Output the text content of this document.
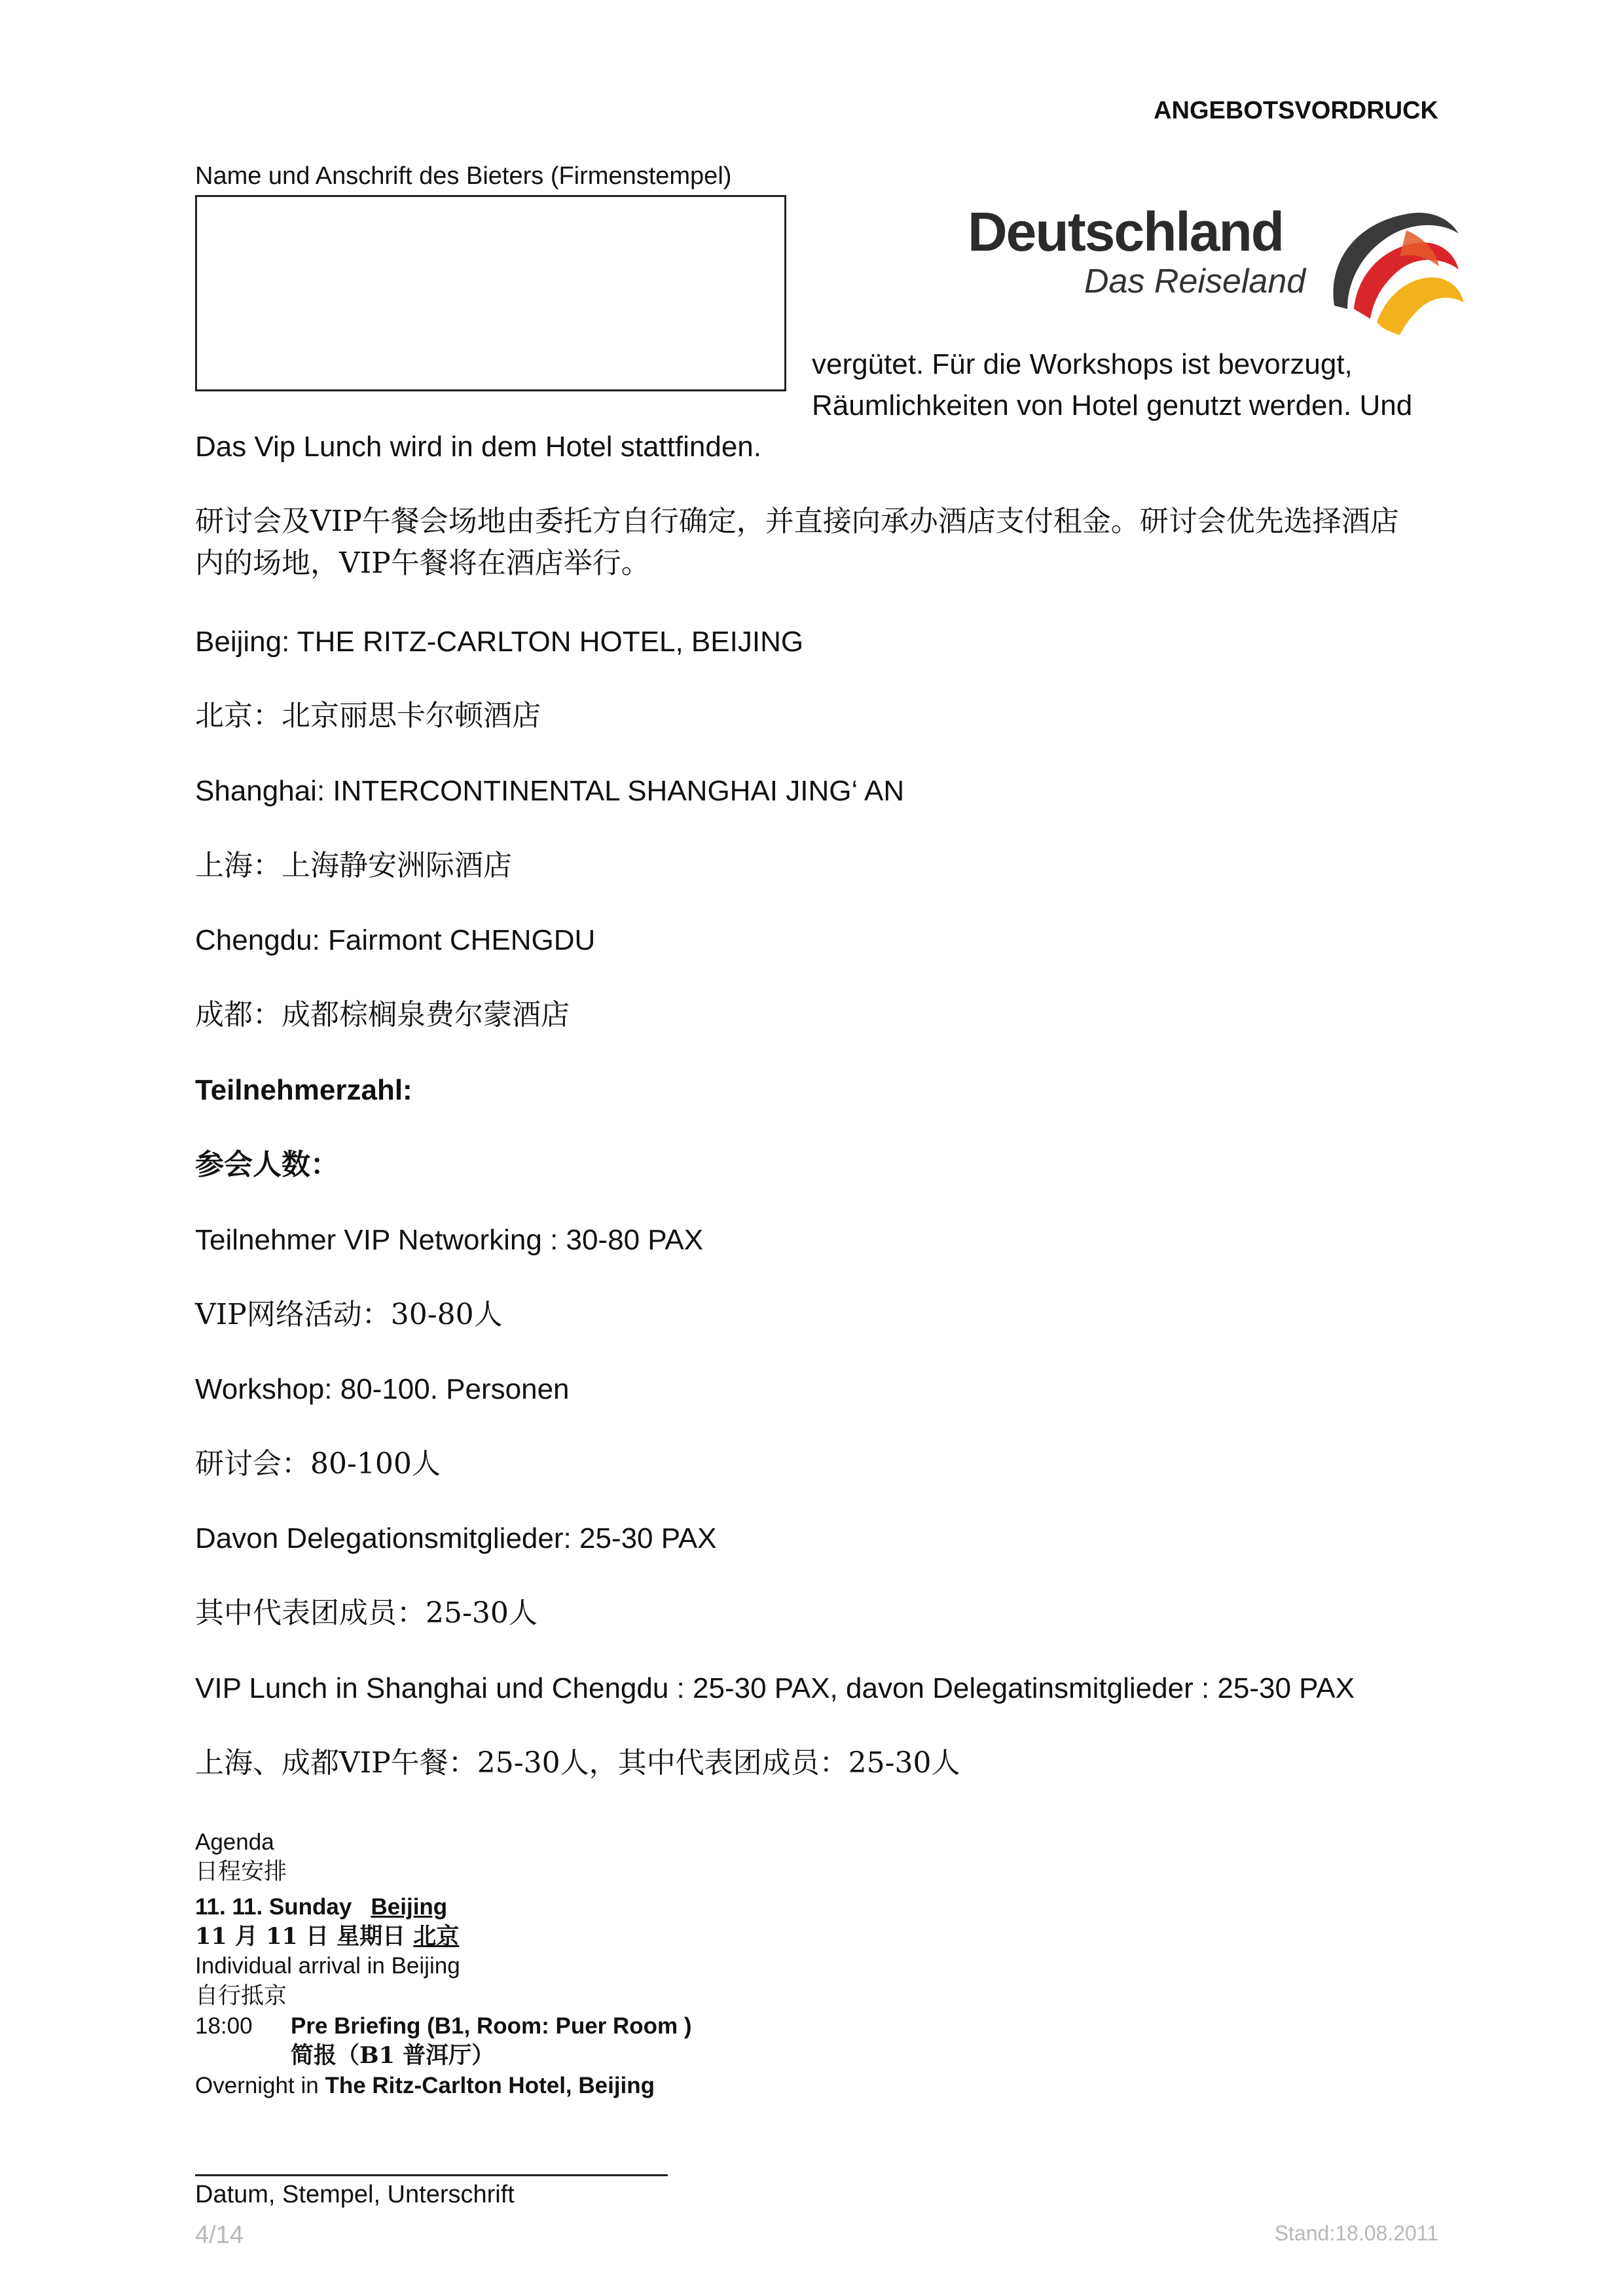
ANGEBOTSVORDRUCK
Name und Anschrift des Bieters (Firmenstempel)
Deutschland
Das Reiseland
vergütet. Für die Workshops ist bevorzugt,
Räumlichkeiten von Hotel genutzt werden. Und
Das Vip Lunch wird in dem Hotel stattfinden.
研讨会及VIP午餐会场地由委托方自行确定，并直接向承办酒店支付租金。研讨会优先选择酒店
内的场地，VIP午餐将在酒店举行。
Beijing: THE RITZ-CARLTON HOTEL, BEIJING
北京：北京丽思卡尔顿酒店
Shanghai: INTERCONTINENTAL SHANGHAI JING‘ AN
上海：上海静安洲际酒店
Chengdu: Fairmont CHENGDU
成都：成都棕榈泉费尔蒙酒店
Teilnehmerzahl:
参会人数：
Teilnehmer VIP Networking : 30-80 PAX
VIP网络活动：30-80人
Workshop: 80-100. Personen
研讨会：80-100人
Davon Delegationsmitglieder: 25-30 PAX
其中代表团成员：25-30人
VIP Lunch in Shanghai und Chengdu : 25-30 PAX, davon Delegatinsmitglieder : 25-30 PAX
上海、成都VIP午餐：25-30人，其中代表团成员：25-30人
Agenda
日程安排
11. 11. Sunday Beijing
11 月 11 日 星期日 北京
Individual arrival in Beijing
自行抵京
18:00 Pre Briefing (B1, Room: Puer Room )
简报（B1 普洱厅）
Overnight in The Ritz-Carlton Hotel, Beijing
Datum, Stempel, Unterschrift
4/14	Stand:18.08.2011
